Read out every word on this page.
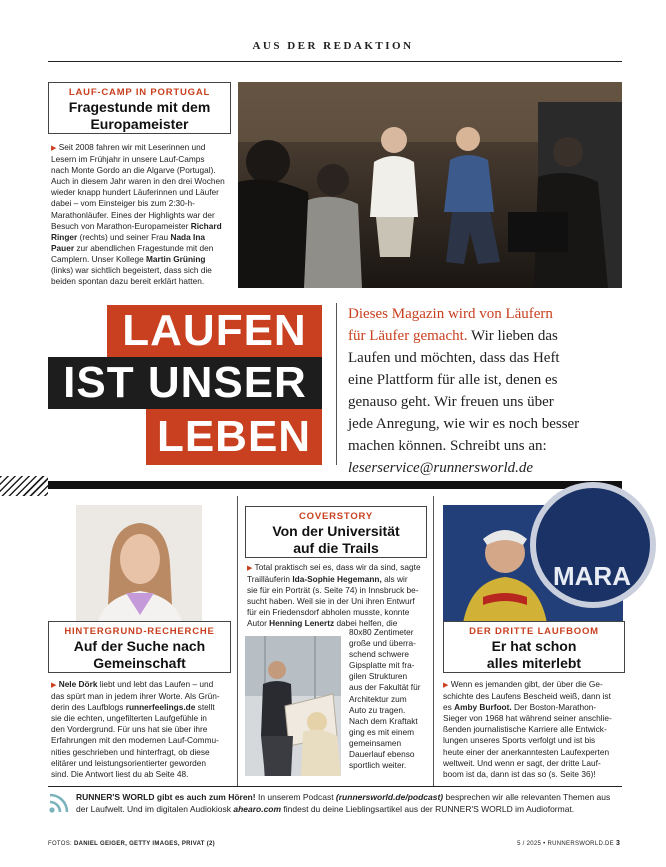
AUS DER REDAKTION
LAUF-CAMP IN PORTUGAL
Fragestunde mit dem
Europameister
▶ Seit 2008 fahren wir mit Leserinnen und
Lesern im Frühjahr in unsere Lauf-Camps
nach Monte Gordo an die Algarve (Portugal).
Auch in diesem Jahr waren in den drei Wochen
wieder knapp hundert Läuferinnen und Läufer
dabei – vom Einsteiger bis zum 2:30-h-
Marathonläufer. Eines der Highlights war der
Besuch von Marathon-Europameister Richard
Ringer (rechts) und seiner Frau Nada Ina
Pauer zur abendlichen Fragestunde mit den
Camplern. Unser Kollege Martin Grüning
(links) war sichtlich begeistert, dass sich die
beiden spontan dazu bereit erklärt hatten.
LAUFEN
IST UNSER
LEBEN
Dieses Magazin wird von Läufern
für Läufer gemacht. Wir lieben das
Laufen und möchten, dass das Heft
eine Plattform für alle ist, denen es
genauso geht. Wir freuen uns über
jede Anregung, wie wir es noch besser
machen können. Schreibt uns an:
leserservice@runnersworld.de
HINTERGRUND-RECHERCHE
Auf der Suche nach
Gemeinschaft
▶ Nele Dörk liebt und lebt das Laufen – und
das spürt man in jedem ihrer Worte. Als Grün-
derin des Laufblogs runnerfeelings.de stellt
sie die echten, ungefilterten Laufgefühle in
den Vordergrund. Für uns hat sie über ihre
Erfahrungen mit den modernen Lauf-Commu-
nities geschrieben und hinterfragt, ob diese
elitärer und leistungsorientierter geworden
sind. Die Antwort liest du ab Seite 48.
COVERSTORY
Von der Universität
auf die Trails
▶ Total praktisch sei es, dass wir da sind, sagte
Trailläuferin Ida-Sophie Hegemann, als wir
sie für ein Porträt (s. Seite 74) in Innsbruck be-
sucht haben. Weil sie in der Uni ihren Entwurf
für ein Friedensdorf abholen musste, konnte
Autor Henning Lenertz dabei helfen, die
80x80 Zentimeter
große und überra-
schend schwere
Gipsplatte mit fra-
gilen Strukturen
aus der Fakultät für
Architektur zum
Auto zu tragen.
Nach dem Kraftakt
ging es mit einem
gemeinsamen
Dauerlauf ebenso
sportlich weiter.
MARA
DER DRITTE LAUFBOOM
Er hat schon
alles miterlebt
▶ Wenn es jemanden gibt, der über die Ge-
schichte des Laufens Bescheid weiß, dann ist
es Amby Burfoot. Der Boston-Marathon-
Sieger von 1968 hat während seiner anschlie-
ßenden journalistische Karriere alle Entwick-
lungen unseres Sports verfolgt und ist bis
heute einer der anerkanntesten Laufexperten
weltweit. Und wenn er sagt, der dritte Lauf-
boom ist da, dann ist das so (s. Seite 36)!
RUNNER'S WORLD gibt es auch zum Hören! In unserem Podcast (runnersworld.de/podcast) besprechen wir alle relevanten Themen aus
der Laufwelt. Und im digitalen Audiokiosk ahearo.com findest du deine Lieblingsartikel aus der RUNNER'S WORLD im Audioformat.
FOTOS: DANIEL GEIGER, GETTY IMAGES, PRIVAT (2)	5 / 2025 • RUNNERSWORLD.DE 3
